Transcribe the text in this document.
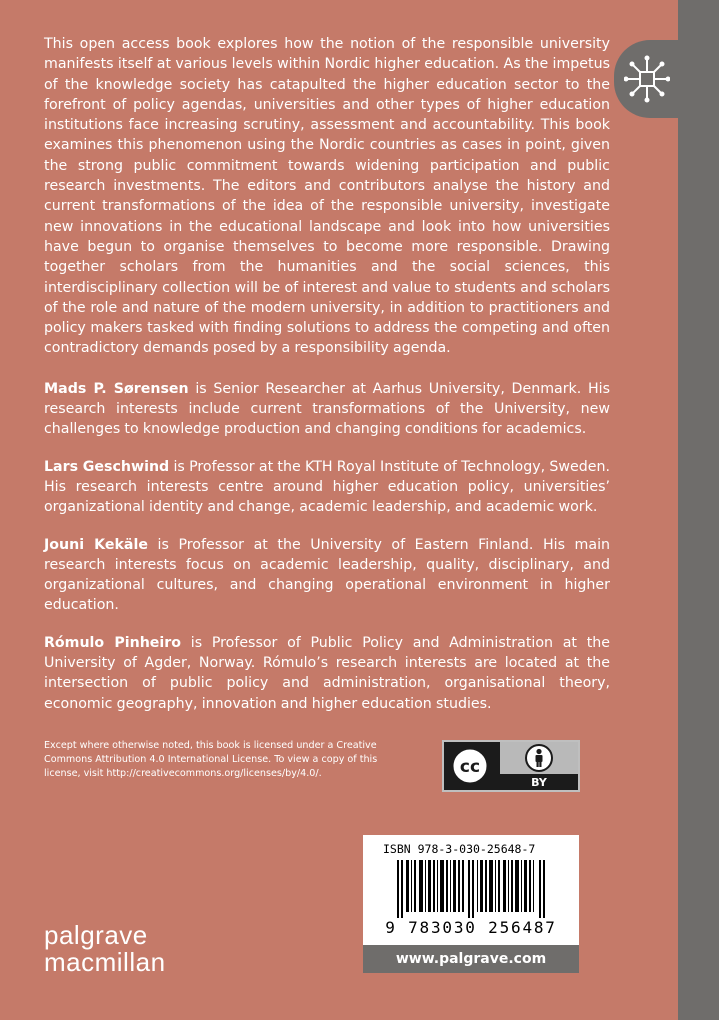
This open access book explores how the notion of the responsible university manifests itself at various levels within Nordic higher education. As the impetus of the knowledge society has catapulted the higher education sector to the forefront of policy agendas, universities and other types of higher education institutions face increasing scrutiny, assessment and accountability. This book examines this phenomenon using the Nordic countries as cases in point, given the strong public commitment towards widening participation and public research investments. The editors and contributors analyse the history and current transformations of the idea of the responsible university, investigate new innovations in the educational landscape and look into how universities have begun to organise themselves to become more responsible. Drawing together scholars from the humanities and the social sciences, this interdisciplinary collection will be of interest and value to students and scholars of the role and nature of the modern university, in addition to practitioners and policy makers tasked with finding solutions to address the competing and often contradictory demands posed by a responsibility agenda.

Mads P. Sørensen is Senior Researcher at Aarhus University, Denmark. His research interests include current transformations of the University, new challenges to knowledge production and changing conditions for academics.

Lars Geschwind is Professor at the KTH Royal Institute of Technology, Sweden. His research interests centre around higher education policy, universities’ organizational identity and change, academic leadership, and academic work.

Jouni Kekäle is Professor at the University of Eastern Finland. His main research interests focus on academic leadership, quality, disciplinary, and organizational cultures, and changing operational environment in higher education.

Rómulo Pinheiro is Professor of Public Policy and Administration at the University of Agder, Norway. Rómulo’s research interests are located at the intersection of public policy and administration, organisational theory, economic geography, innovation and higher education studies.

Except where otherwise noted, this book is licensed under a Creative Commons Attribution 4.0 International License. To view a copy of this license, visit http://creativecommons.org/licenses/by/4.0/.	cc
BY
ISBN 978-3-030-25648-7
9 783030 256487
www.palgrave.com
palgrave
macmillan
